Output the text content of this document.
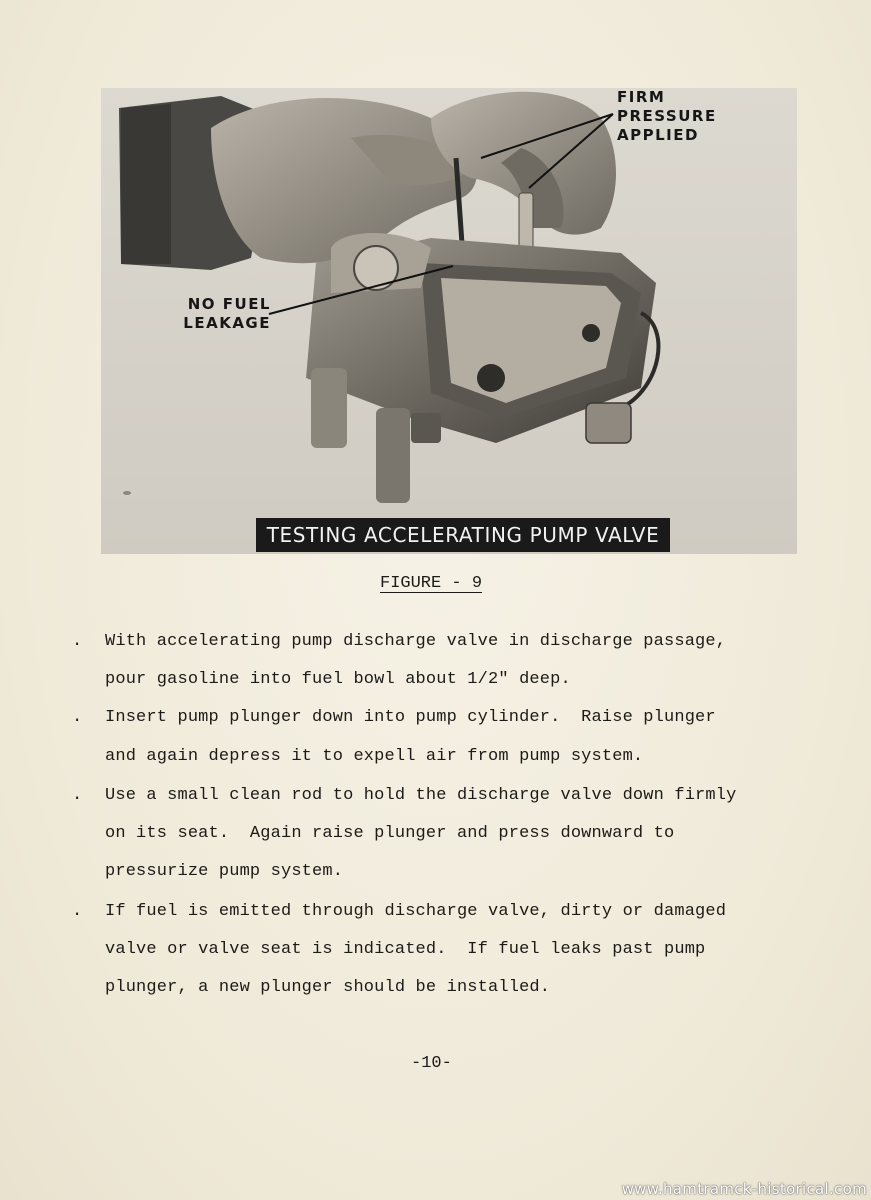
FIRM
PRESSURE
APPLIED
NO FUEL
LEAKAGE
TESTING ACCELERATING PUMP VALVE
FIGURE - 9
. With accelerating pump discharge valve in discharge passage,
pour gasoline into fuel bowl about 1/2" deep.
. Insert pump plunger down into pump cylinder.  Raise plunger
and again depress it to expell air from pump system.
. Use a small clean rod to hold the discharge valve down firmly
on its seat.  Again raise plunger and press downward to
pressurize pump system.
. If fuel is emitted through discharge valve, dirty or damaged
valve or valve seat is indicated.  If fuel leaks past pump
plunger, a new plunger should be installed.
-10-
www.hamtramck-historical.com
